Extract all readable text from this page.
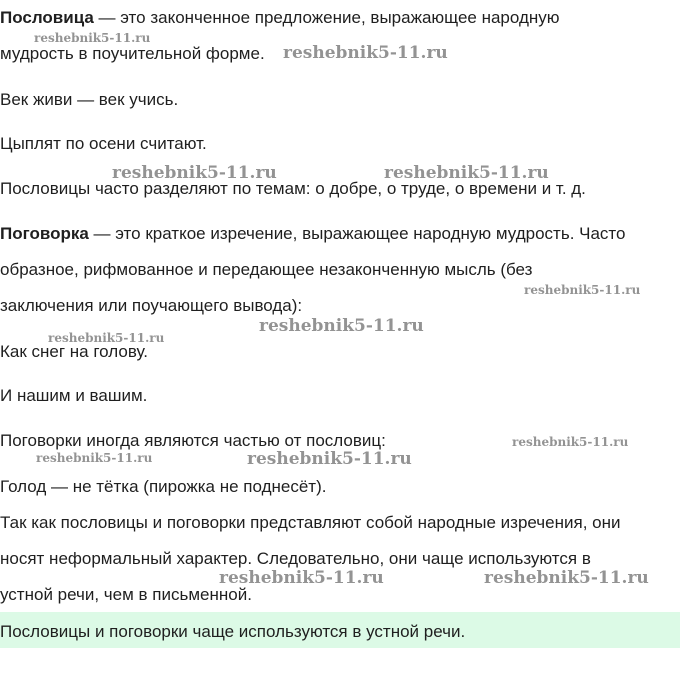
Пословица — это законченное предложение, выражающее народную
мудрость в поучительной форме.
Век живи — век учись.
Цыплят по осени считают.
Пословицы часто разделяют по темам: о добре, о труде, о времени и т. д.
Поговорка — это краткое изречение, выражающее народную мудрость. Часто
образное, рифмованное и передающее незаконченную мысль (без
заключения или поучающего вывода):
Как снег на голову.
И нашим и вашим.
Поговорки иногда являются частью от пословиц:
Голод — не тётка (пирожка не поднесёт).
Так как пословицы и поговорки представляют собой народные изречения, они
носят неформальный характер. Следовательно, они чаще используются в
устной речи, чем в письменной.
Пословицы и поговорки чаще используются в устной речи.
reshebnik5-11.ru
reshebnik5-11.ru
reshebnik5-11.ru	reshebnik5-11.ru
reshebnik5-11.ru
reshebnik5-11.ru
reshebnik5-11.ru
reshebnik5-11.ru
reshebnik5-11.ru	reshebnik5-11.ru
reshebnik5-11.ru	reshebnik5-11.ru
